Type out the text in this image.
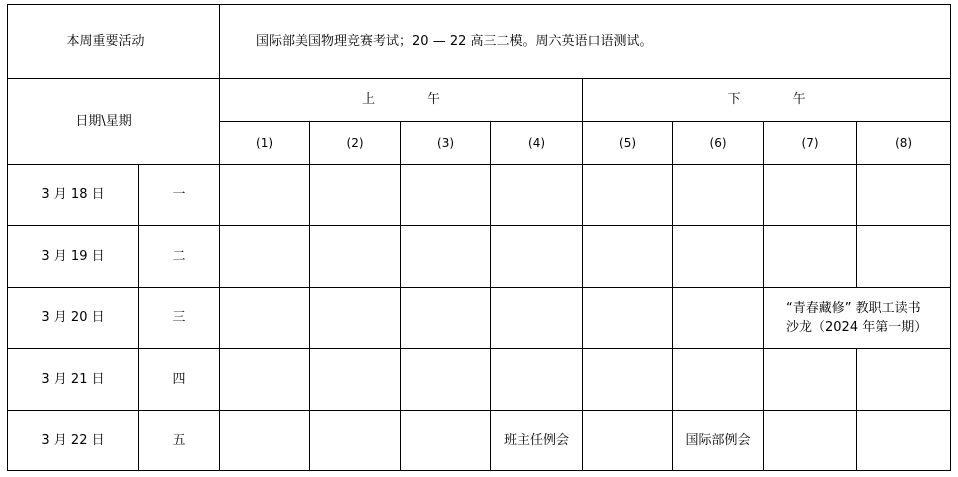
本周重要活动		国际部美国物理竞赛考试；20 — 22 高三二模。周六英语口语测试。							
日期\星期		上　　　　午				下　　　　午			
		(1)	(2)	(3)	(4)	(5)	(6)	(7)	(8)
3 月 18 日	一								
3 月 19 日	二								
3 月 20 日	三							“青春藏修” 教职工读书
沙龙（2024 年第一期）	

3 月 21 日	四								
3 月 22 日	五				班主任例会		国际部例会		
